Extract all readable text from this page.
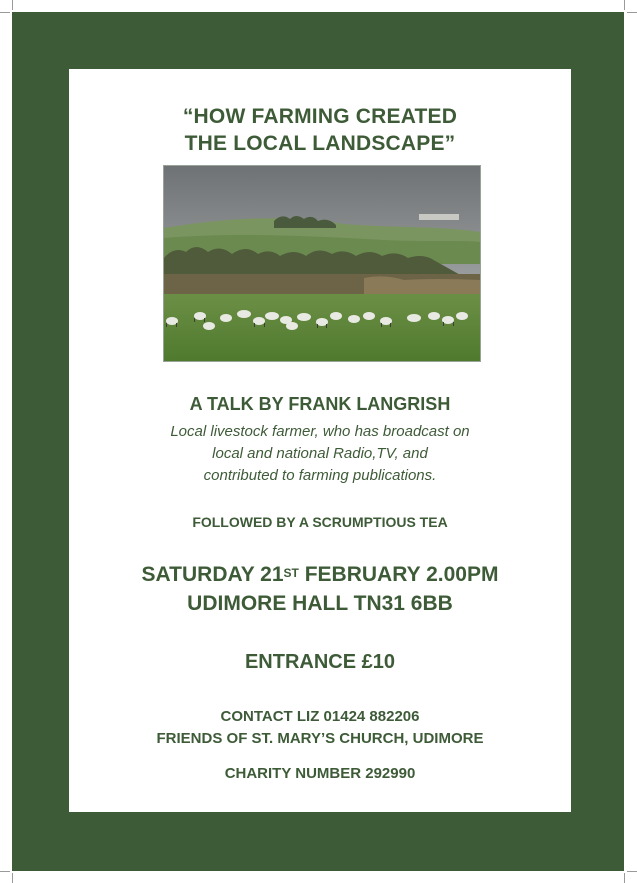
“HOW FARMING CREATED
THE LOCAL LANDSCAPE”
A TALK BY FRANK LANGRISH
Local livestock farmer, who has broadcast on
local and national Radio,TV, and
contributed to farming publications.
FOLLOWED BY A SCRUMPTIOUS TEA
SATURDAY 21ST FEBRUARY 2.00PM
UDIMORE HALL TN31 6BB
ENTRANCE £10
CONTACT LIZ 01424 882206
FRIENDS OF ST. MARY’S CHURCH, UDIMORE
CHARITY NUMBER 292990
